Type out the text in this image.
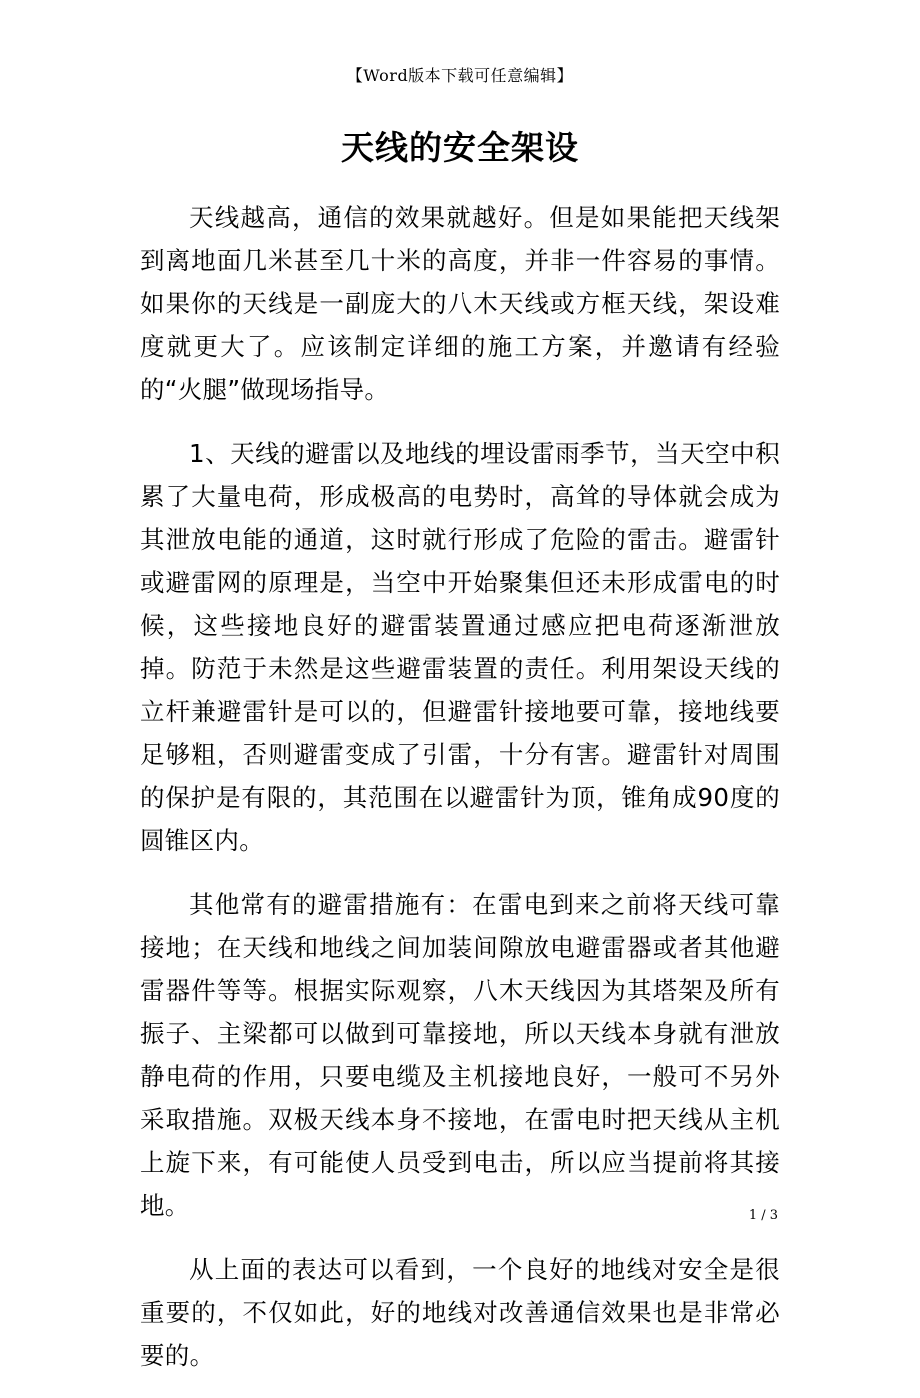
【Word版本下载可任意编辑】
天线的安全架设

天线越高，通信的效果就越好。但是如果能把天线架到离地面几米甚至几十米的高度，并非一件容易的事情。如果你的天线是一副庞大的八木天线或方框天线，架设难度就更大了。应该制定详细的施工方案，并邀请有经验的“火腿”做现场指导。

1、天线的避雷以及地线的埋设雷雨季节，当天空中积累了大量电荷，形成极高的电势时，高耸的导体就会成为其泄放电能的通道，这时就行形成了危险的雷击。避雷针或避雷网的原理是，当空中开始聚集但还未形成雷电的时候，这些接地良好的避雷装置通过感应把电荷逐渐泄放掉。防范于未然是这些避雷装置的责任。利用架设天线的立杆兼避雷针是可以的，但避雷针接地要可靠，接地线要足够粗，否则避雷变成了引雷，十分有害。避雷针对周围的保护是有限的，其范围在以避雷针为顶，锥角成90度的圆锥区内。

其他常有的避雷措施有：在雷电到来之前将天线可靠接地；在天线和地线之间加装间隙放电避雷器或者其他避雷器件等等。根据实际观察，八木天线因为其塔架及所有振子、主梁都可以做到可靠接地，所以天线本身就有泄放静电荷的作用，只要电缆及主机接地良好，一般可不另外采取措施。双极天线本身不接地，在雷电时把天线从主机上旋下来，有可能使人员受到电击，所以应当提前将其接地。

从上面的表达可以看到，一个良好的地线对安全是很重要的，不仅如此，好的地线对改善通信效果也是非常必要的。

1 / 3
